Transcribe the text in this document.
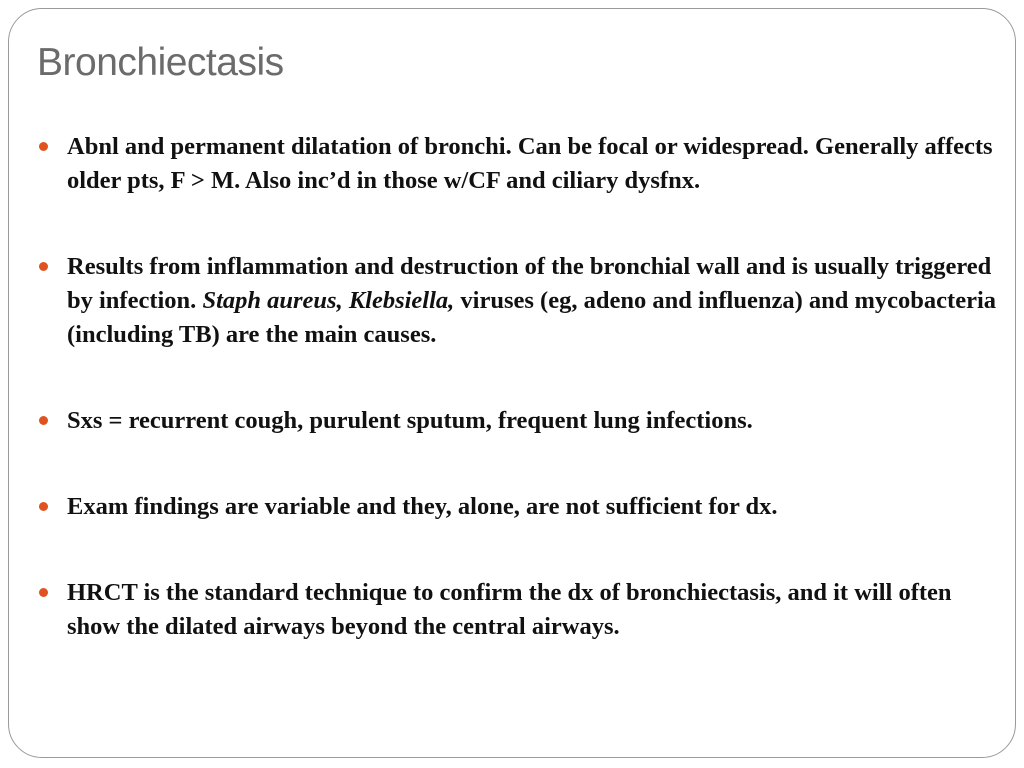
Bronchiectasis
Abnl and permanent dilatation of bronchi. Can be focal or widespread. Generally affects older pts, F > M. Also inc’d in those w/CF and ciliary dysfnx.
Results from inflammation and destruction of the bronchial wall and is usually triggered by infection. Staph aureus, Klebsiella, viruses (eg, adeno and influenza) and mycobacteria (including TB) are the main causes.
Sxs = recurrent cough, purulent sputum, frequent lung infections.
Exam findings are variable and they, alone, are not sufficient for dx.
HRCT is the standard technique to confirm the dx of bronchiectasis, and it will often show the dilated airways beyond the central airways.
